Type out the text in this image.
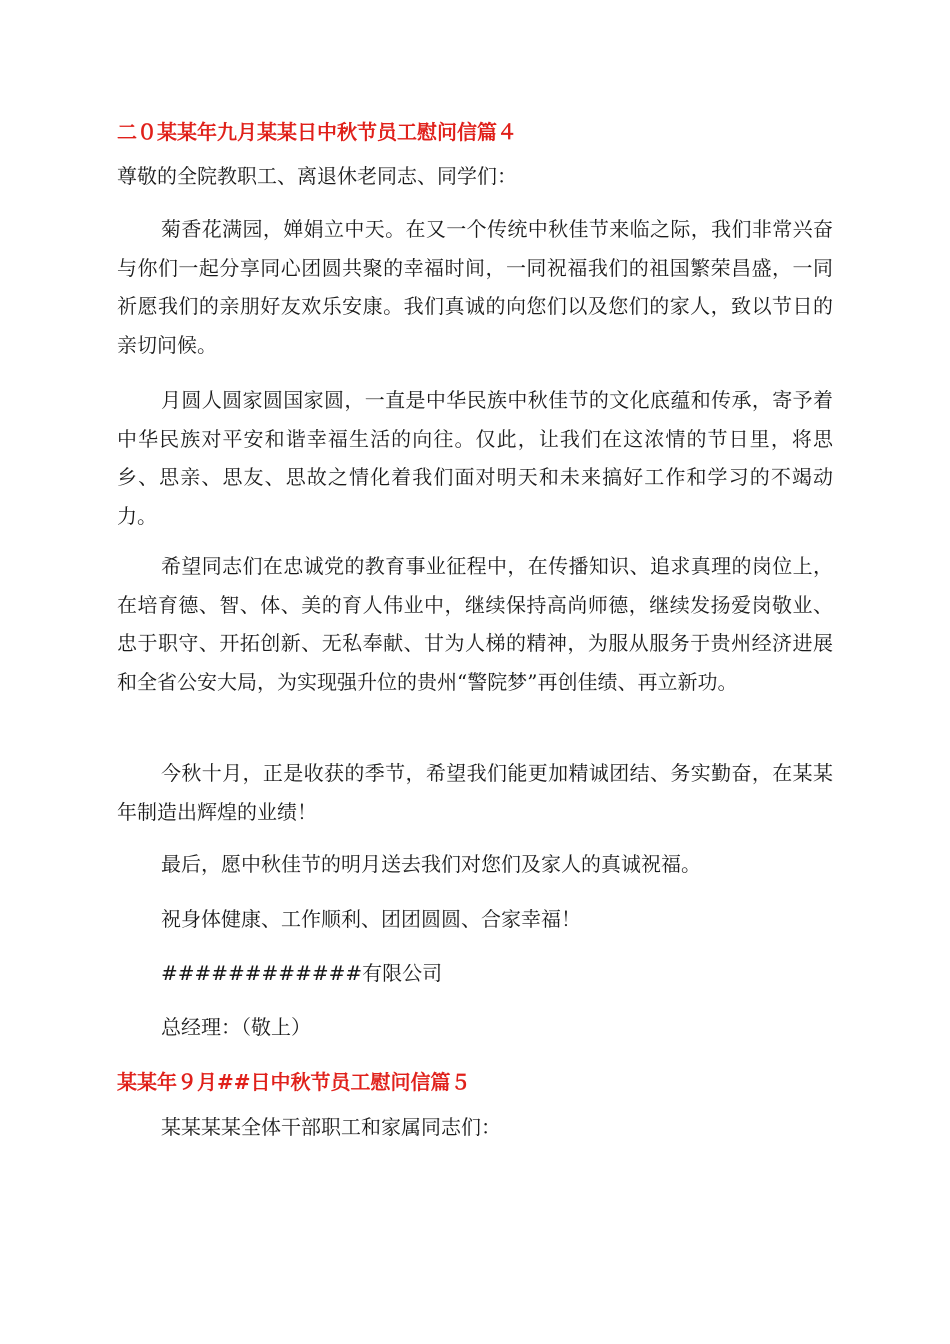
二０某某年九月某某日中秋节员工慰问信篇４
尊敬的全院教职工、离退休老同志、同学们：

菊香花满园，婵娟立中天。在又一个传统中秋佳节来临之际，我们非常兴奋与你们一起分享同心团圆共聚的幸福时间，一同祝福我们的祖国繁荣昌盛，一同祈愿我们的亲朋好友欢乐安康。我们真诚的向您们以及您们的家人，致以节日的亲切问候。

月圆人圆家圆国家圆，一直是中华民族中秋佳节的文化底蕴和传承，寄予着中华民族对平安和谐幸福生活的向往。仅此，让我们在这浓情的节日里，将思乡、思亲、思友、思故之情化着我们面对明天和未来搞好工作和学习的不竭动力。

希望同志们在忠诚党的教育事业征程中，在传播知识、追求真理的岗位上，在培育德、智、体、美的育人伟业中，继续保持高尚师德，继续发扬爱岗敬业、忠于职守、开拓创新、无私奉献、甘为人梯的精神，为服从服务于贵州经济进展和全省公安大局，为实现强升位的贵州“警院梦”再创佳绩、再立新功。

今秋十月，正是收获的季节，希望我们能更加精诚团结、务实勤奋，在某某年制造出辉煌的业绩！

最后，愿中秋佳节的明月送去我们对您们及家人的真诚祝福。
祝身体健康、工作顺利、团团圆圆、合家幸福！
############有限公司
总经理：（敬上）
某某年９月##日中秋节员工慰问信篇５
某某某某全体干部职工和家属同志们：
